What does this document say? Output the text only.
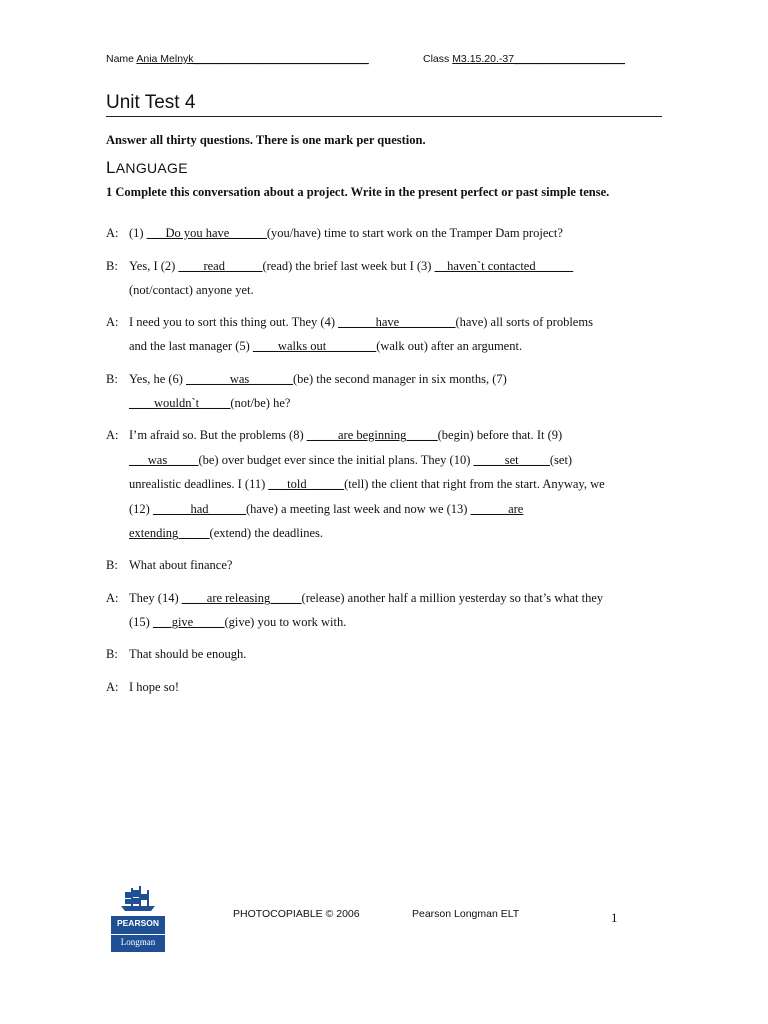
Name Ania Melnyk______________________________	Class M3.15.20.-37___________________
Unit Test 4
Answer all thirty questions. There is one mark per question.
LANGUAGE
1 Complete this conversation about a project. Write in the present perfect or past simple tense.
A: (1) ___Do you have______(you/have) time to start work on the Tramper Dam project?
B: Yes, I (2) ____read______(read) the brief last week but I (3) __haven`t contacted______
(not/contact) anyone yet.
A: I need you to sort this thing out. They (4) ______have_________(have) all sorts of problems
and the last manager (5) ____walks out________(walk out) after an argument.
B: Yes, he (6) _______was_______(be) the second manager in six months, (7)
____wouldn`t_____(not/be) he?
A: I’m afraid so. But the problems (8) _____are beginning_____(begin) before that. It (9)
___was_____(be) over budget ever since the initial plans. They (10) _____set_____(set)
unrealistic deadlines. I (11) ___told______(tell) the client that right from the start. Anyway, we
(12) ______had______(have) a meeting last week and now we (13) ______are
extending_____(extend) the deadlines.
B: What about finance?
A: They (14) ____are releasing_____(release) another half a million yesterday so that’s what they
(15) ___give_____(give) you to work with.
B: That should be enough.
A: I hope so!
PEARSON
Longman
PHOTOCOPIABLE © 2006	Pearson Longman ELT	1
